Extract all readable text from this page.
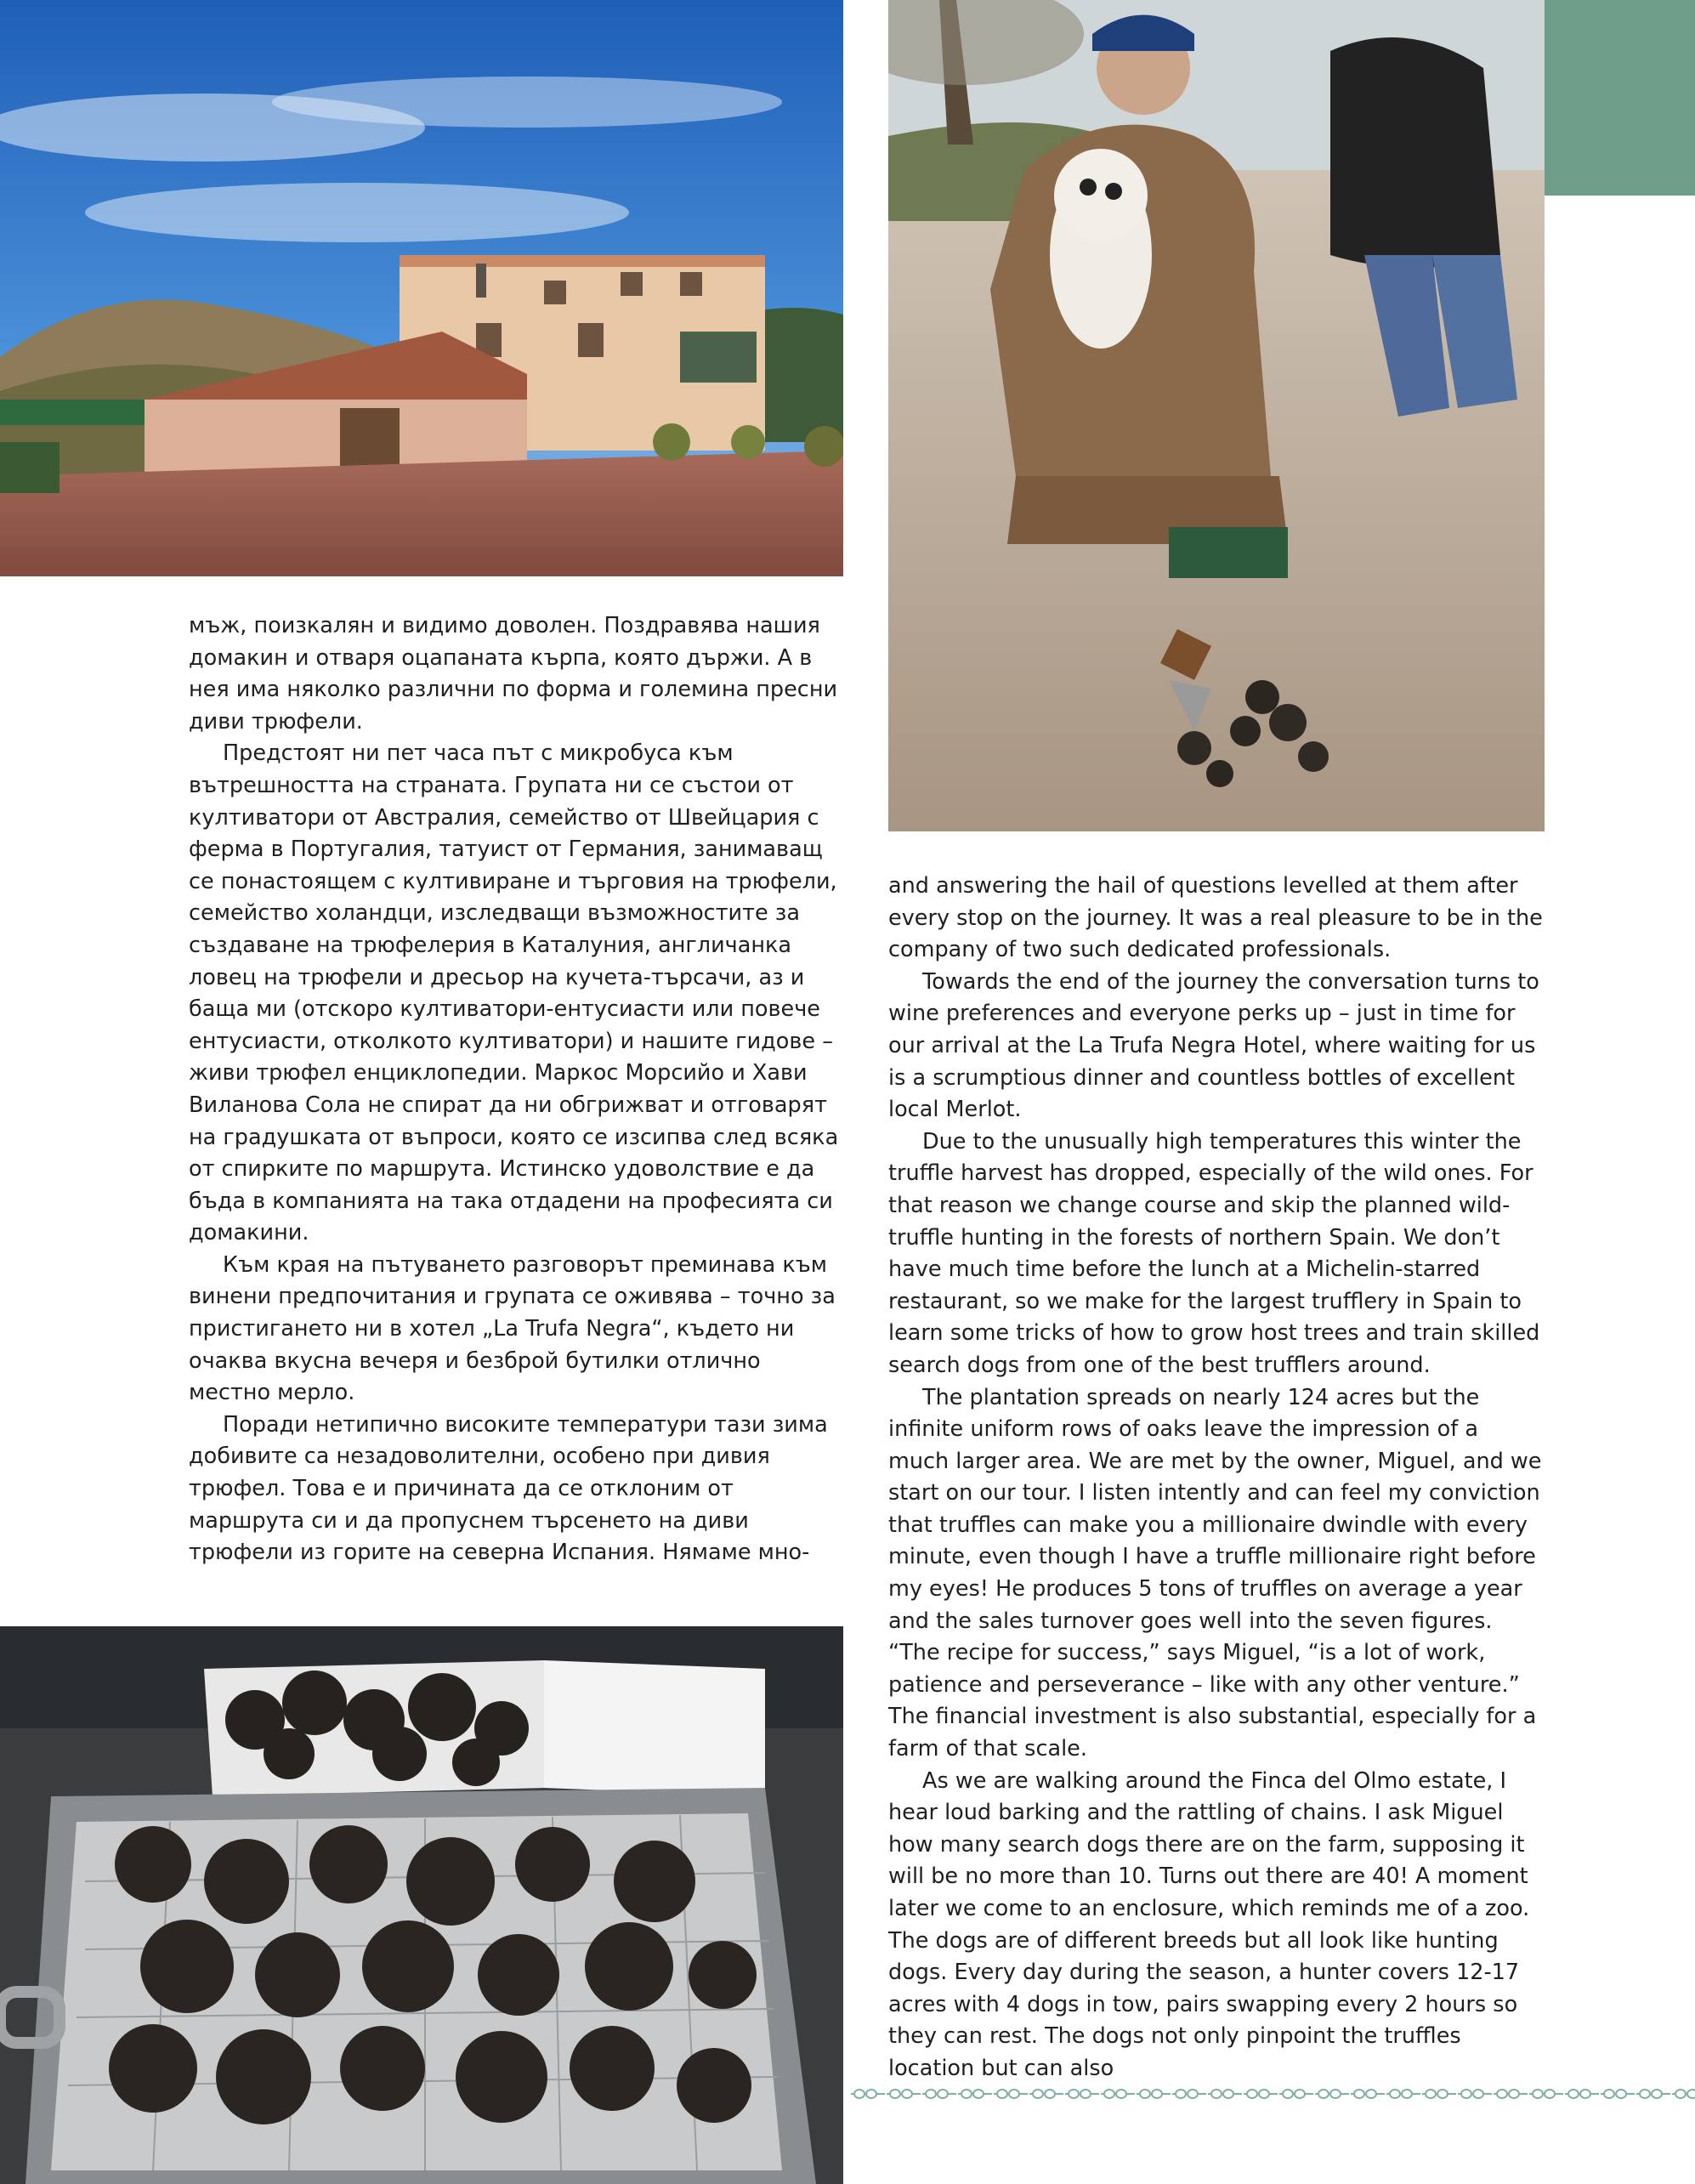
мъж, поизкалян и видимо доволен. Поздравява нашия домакин и отваря оцапаната кърпа, която държи. А в нея има няколко различни по форма и големина пресни диви трюфели.

Предстоят ни пет часа път с микробуса към вътрешността на страната. Групата ни се състои от култиватори от Австралия, семейство от Швейцария с ферма в Португалия, татуист от Германия, занимаващ се понастоящем с култивиране и търговия на трюфели, семейство холандци, изследващи възможностите за създаване на трюфелерия в Каталуния, англичанка ловец на трюфели и дресьор на кучета-търсачи, аз и баща ми (отскоро култиватори-ентусиасти или повече ентусиасти, отколкото култиватори) и нашите гидове – живи трюфел енциклопедии. Маркос Морсийо и Хави Виланова Сола не спират да ни обгрижват и отговарят на градушката от въпроси, която се изсипва след всяка от спирките по маршрута. Истинско удоволствие е да бъда в компанията на така отдадени на професията си домакини.

Към края на пътуването разговорът преминава към винени предпочитания и групата се оживява – точно за пристигането ни в хотел „La Trufa Negra“, където ни очаква вкусна вечеря и безброй бутилки отлично местно мерло.

Поради нетипично високите температури тази зима добивите са незадоволителни, особено при дивия трюфел. Това е и причината да се отклоним от маршрута си и да пропуснем търсенето на диви трюфели из горите на северна Испания. Нямаме мно-

and answering the hail of questions levelled at them after every stop on the journey. It was a real pleasure to be in the company of two such dedicated professionals.

Towards the end of the journey the conversation turns to wine preferences and everyone perks up – just in time for our arrival at the La Trufa Negra Hotel, where waiting for us is a scrumptious dinner and countless bottles of excellent local Merlot.

Due to the unusually high temperatures this winter the truffle harvest has dropped, especially of the wild ones. For that reason we change course and skip the planned wild-truffle hunting in the forests of northern Spain. We don’t have much time before the lunch at a Michelin-starred restaurant, so we make for the largest trufflery in Spain to learn some tricks of how to grow host trees and train skilled search dogs from one of the best trufflers around.

The plantation spreads on nearly 124 acres but the infinite uniform rows of oaks leave the impression of a much larger area. We are met by the owner, Miguel, and we start on our tour. I listen intently and can feel my conviction that truffles can make you a millionaire dwindle with every minute, even though I have a truffle millionaire right before my eyes! He produces 5 tons of truffles on average a year and the sales turnover goes well into the seven figures. “The recipe for success,” says Miguel, “is a lot of work, patience and perseverance – like with any other venture.” The financial investment is also substantial, especially for a farm of that scale.

As we are walking around the Finca del Olmo estate, I hear loud barking and the rattling of chains. I ask Miguel how many search dogs there are on the farm, supposing it will be no more than 10. Turns out there are 40! A moment later we come to an enclosure, which reminds me of a zoo. The dogs are of different breeds but all look like hunting dogs. Every day during the season, a hunter covers 12-17 acres with 4 dogs in tow, pairs swapping every 2 hours so they can rest. The dogs not only pinpoint the truffles location but can also
